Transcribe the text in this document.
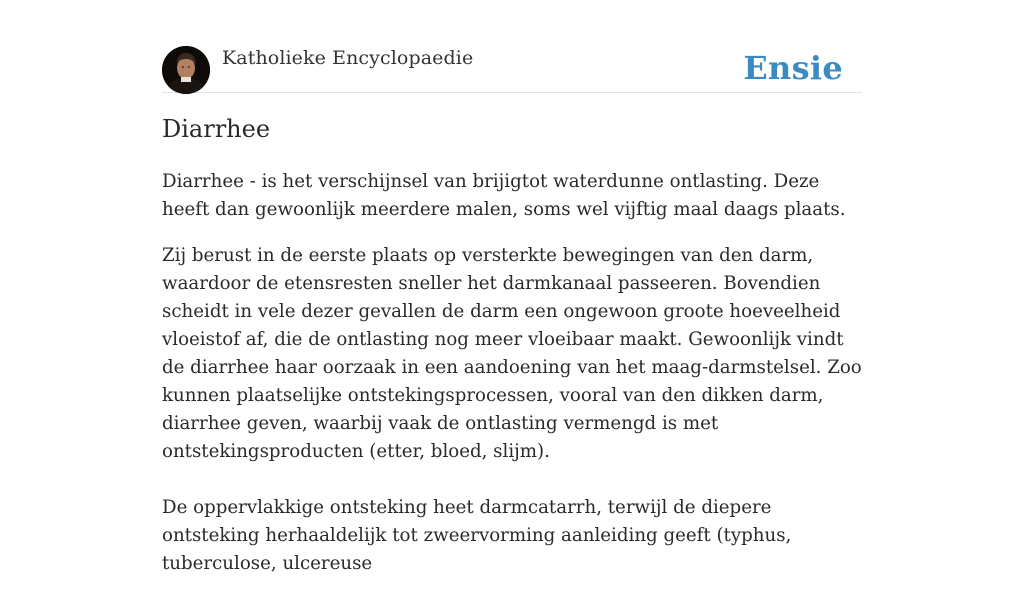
Katholieke Encyclopaedie	Ensie
Diarrhee

Diarrhee - is het verschijnsel van brijigtot waterdunne ontlasting. Deze heeft dan gewoonlijk meerdere malen, soms wel vijftig maal daags plaats.

Zij berust in de eerste plaats op versterkte bewegingen van den darm, waardoor de etensresten sneller het darmkanaal passeeren. Bovendien scheidt in vele dezer gevallen de darm een ongewoon groote hoeveelheid vloeistof af, die de ontlasting nog meer vloeibaar maakt. Gewoonlijk vindt de diarrhee haar oorzaak in een aandoening van het maag-darmstelsel. Zoo kunnen plaatselijke ontstekingsprocessen, vooral van den dikken darm, diarrhee geven, waarbij vaak de ontlasting vermengd is met ontstekingsproducten (etter, bloed, slijm).

De oppervlakkige ontsteking heet darmcatarrh, terwijl de diepere ontsteking herhaaldelijk tot zweervorming aanleiding geeft (typhus, tuberculose, ulcereuse
